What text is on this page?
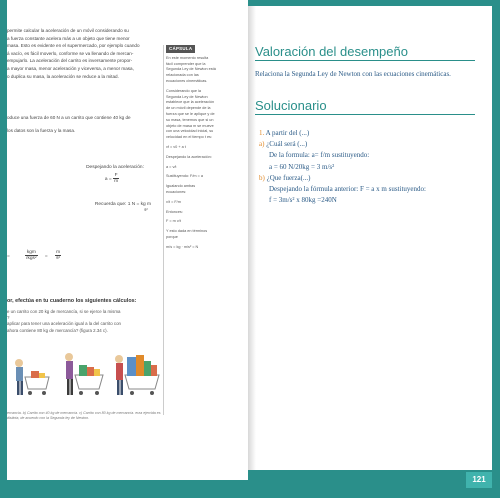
permite calcular la aceleración de un móvil considerando su

a fuerza constante acelera más a un objeto que tiene menor

masa. Esto es evidente en el supermercado, por ejemplo cuando

á vacío, es fácil moverlo, conforme se va llenando de mercan-

empujarlo. La aceleración del carrito es inversamente propor-

a mayor masa, menor aceleración y viceversa, a menor masa,

o duplica su masa, la aceleración se reduce a la mitad.

oduce una fuerza de 60 N a un carrito que contiene 40 kg de
los datos son la fuerza y la masa.
Despejando la aceleración:
$a = \frac{F}{m}$
Recuerda que: 1 N = kg m
s²
=	$\frac{\text{kgm}}{\text{/kgs²}} = \frac{m}{\text{s²}}$
or, efectúa en tu cuaderno los siguientes cálculos:
e un carrito con 20 kg de mercancía, si se ejerce la misma
?
aplicar para tener una aceleración igual a la del carrito con
ahora contiene 80 kg de mercancía? (figura 2.34 c).
ercancía. b) Carrito con 40 kg de mercancía. c) Carrito con 80 kg de mercancía. erza ejercida es distinta, de acuerdo con la Segunda ley de Newton.
CÁPSULA

En este momento resulta fácil comprender que la Segunda Ley de Newton está relacionada con las ecuaciones cinemáticas.

Considerando que la Segunda Ley de Newton establece que la aceleración de un móvil depende de la fuerza que se le aplique y de su masa, tenemos que si un objeto de masa m se mueve con una velocidad inicial, su velocidad en el tiempo t es:

vf = v0 + a t

Despejando la aceleración:

a = v/t

Sustituyendo: F/m = a

Igualando ambas ecuaciones:

v/t = F/m

Entonces:

F = m v/t

Y esto dada en términos porque

m/s = kg · m/s² = N

Valoración del desempeño
Relaciona la Segunda Ley de Newton con las ecuaciones cinemáticas.
Solucionario
1. A partir del (...)
a) ¿Cuál será (...)
De la formula: a= f/m sustituyendo:
a = 60 N/20kg = 3 m/s²
b) ¿Que fuerza(...)
Despejando la fórmula anterior: F = a x m sustituyendo:
f = 3m/s² x 80kg =240N
121
